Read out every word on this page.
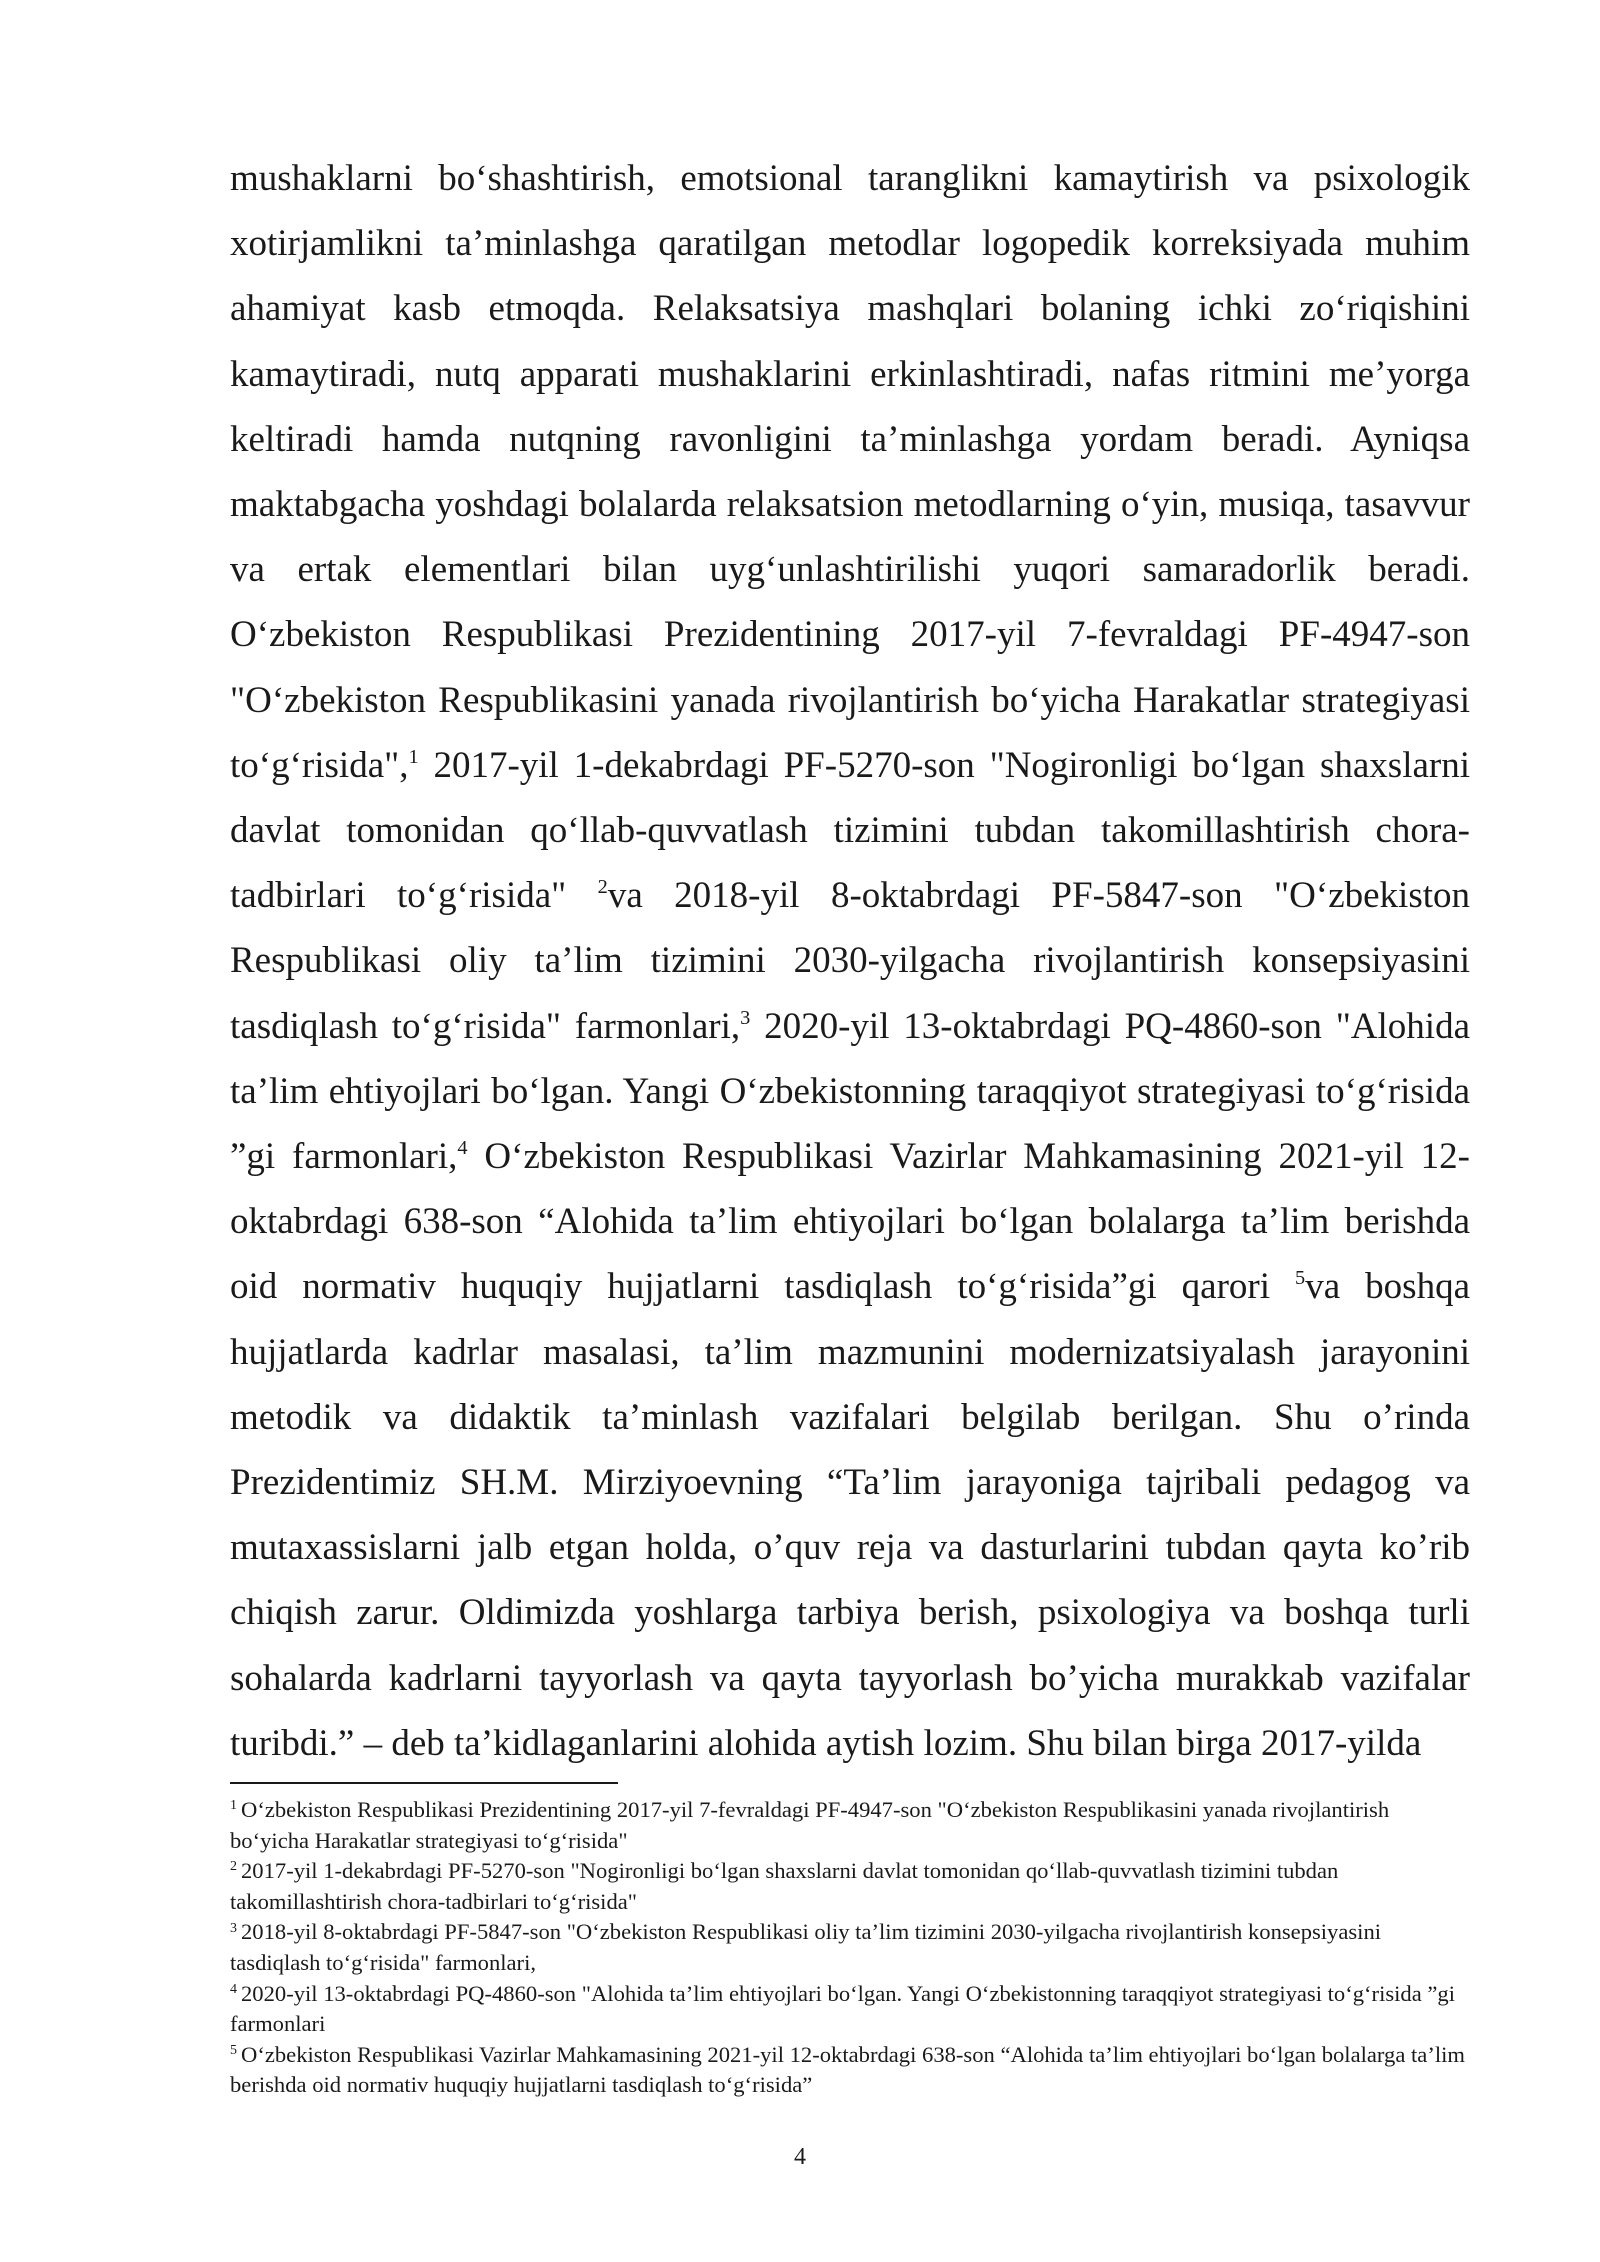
mushaklarni bo‘shashtirish, emotsional taranglikni kamaytirish va psixologik xotirjamlikni ta’minlashga qaratilgan metodlar logopedik korreksiyada muhim ahamiyat kasb etmoqda. Relaksatsiya mashqlari bolaning ichki zo‘riqishini kamaytiradi, nutq apparati mushaklarini erkinlashtiradi, nafas ritmini me’yorga keltiradi hamda nutqning ravonligini ta’minlashga yordam beradi. Ayniqsa maktabgacha yoshdagi bolalarda relaksatsion metodlarning o‘yin, musiqa, tasavvur va ertak elementlari bilan uyg‘unlashtirilishi yuqori samaradorlik beradi. O‘zbekiston Respublikasi Prezidentining 2017-yil 7-fevraldagi PF-4947-son "O‘zbekiston Respublikasini yanada rivojlantirish bo‘yicha Harakatlar strategiyasi to‘g‘risida",$^1$ 2017-yil 1-dekabrdagi PF-5270-son "Nogironligi bo‘lgan shaxslarni davlat tomonidan qo‘llab-quvvatlash tizimini tubdan takomillashtirish chora-tadbirlari to‘g‘risida" $^2$va 2018-yil 8-oktabrdagi PF-5847-son "O‘zbekiston Respublikasi oliy ta’lim tizimini 2030-yilgacha rivojlantirish konsepsiyasini tasdiqlash to‘g‘risida" farmonlari,$^3$ 2020-yil 13-oktabrdagi PQ-4860-son "Alohida ta’lim ehtiyojlari bo‘lgan. Yangi O‘zbekistonning taraqqiyot strategiyasi to‘g‘risida ”gi farmonlari,$^4$ O‘zbekiston Respublikasi Vazirlar Mahkamasining 2021-yil 12-oktabrdagi 638-son “Alohida ta’lim ehtiyojlari bo‘lgan bolalarga ta’lim berishda oid normativ huquqiy hujjatlarni tasdiqlash to‘g‘risida”gi qarori $^5$va boshqa hujjatlarda kadrlar masalasi, ta’lim mazmunini modernizatsiyalash jarayonini metodik va didaktik ta’minlash vazifalari belgilab berilgan. Shu o’rinda Prezidentimiz SH.M. Mirziyoevning “Ta’lim jarayoniga tajribali pedagog va mutaxassislarni jalb etgan holda, o’quv reja va dasturlarini tubdan qayta ko’rib chiqish zarur. Oldimizda yoshlarga tarbiya berish, psixologiya va boshqa turli sohalarda kadrlarni tayyorlash va qayta tayyorlash bo’yicha murakkab vazifalar turibdi.” – deb ta’kidlaganlarini alohida aytish lozim. Shu bilan birga 2017-yilda

$^1$ O‘zbekiston Respublikasi Prezidentining 2017-yil 7-fevraldagi PF-4947-son "O‘zbekiston Respublikasini yanada rivojlantirish bo‘yicha Harakatlar strategiyasi to‘g‘risida"
$^2$ 2017-yil 1-dekabrdagi PF-5270-son "Nogironligi bo‘lgan shaxslarni davlat tomonidan qo‘llab-quvvatlash tizimini tubdan takomillashtirish chora-tadbirlari to‘g‘risida"
$^3$ 2018-yil 8-oktabrdagi PF-5847-son "O‘zbekiston Respublikasi oliy ta’lim tizimini 2030-yilgacha rivojlantirish konsepsiyasini tasdiqlash to‘g‘risida" farmonlari,
$^4$ 2020-yil 13-oktabrdagi PQ-4860-son "Alohida ta’lim ehtiyojlari bo‘lgan. Yangi O‘zbekistonning taraqqiyot strategiyasi to‘g‘risida ”gi farmonlari
$^5$ O‘zbekiston Respublikasi Vazirlar Mahkamasining 2021-yil 12-oktabrdagi 638-son “Alohida ta’lim ehtiyojlari bo‘lgan bolalarga ta’lim berishda oid normativ huquqiy hujjatlarni tasdiqlash to‘g‘risida”
4
